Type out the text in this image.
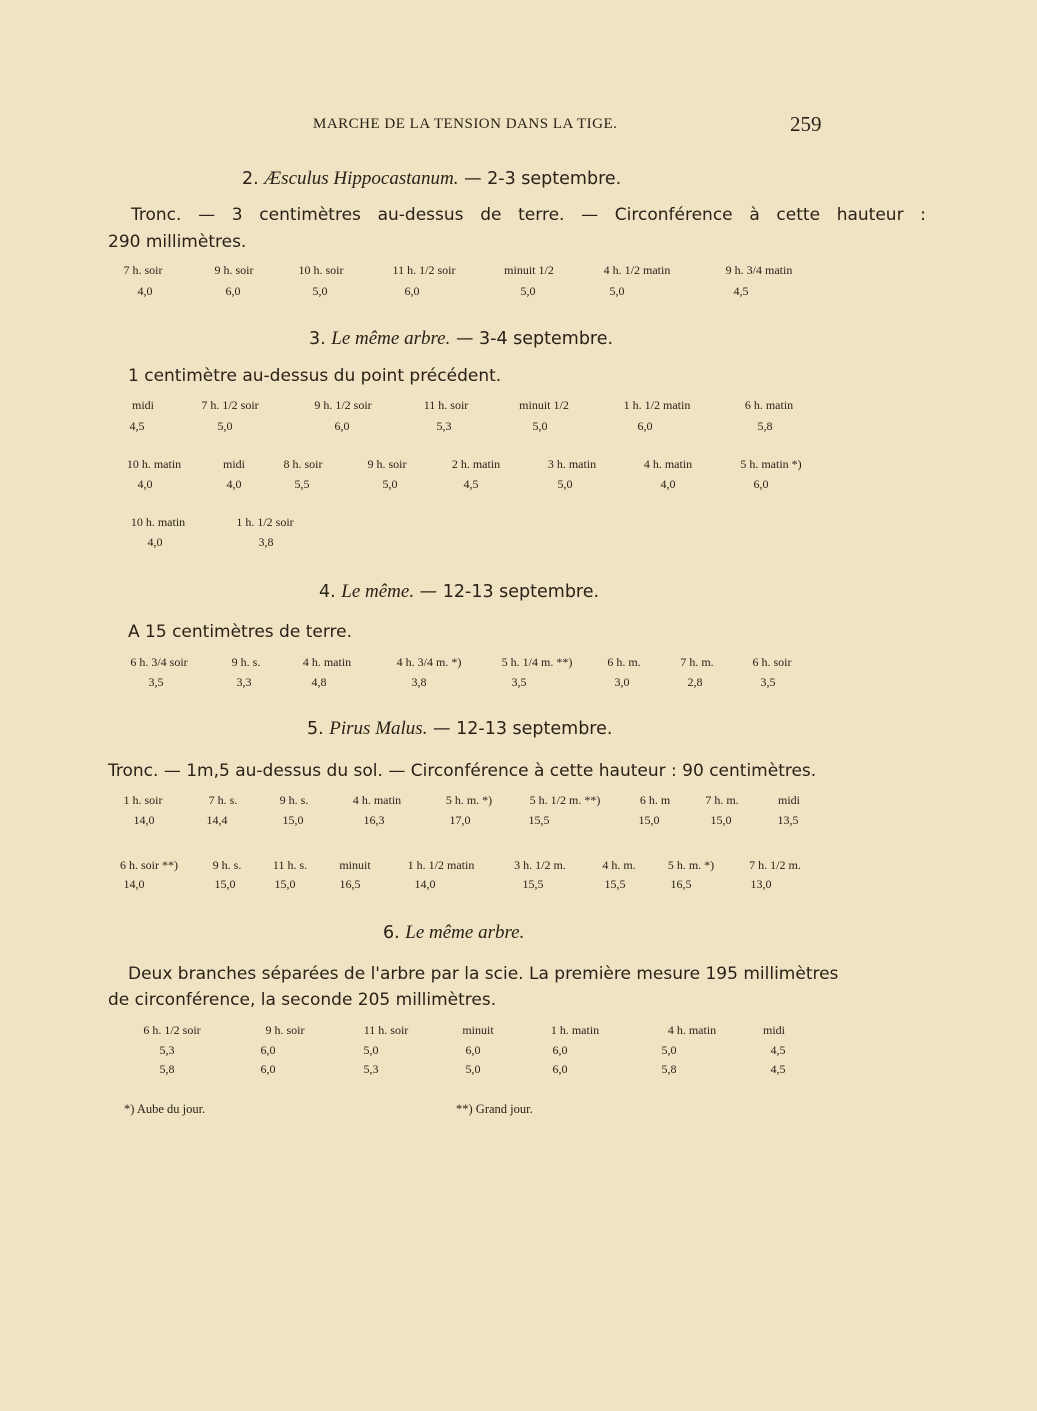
MARCHE DE LA TENSION DANS LA TIGE.	259
2. Æsculus Hippocastanum. — 2-3 septembre.
Tronc. — 3 centimètres au-dessus de terre. — Circonférence à cette hauteur :
290 millimètres.
7 h. soir	9 h. soir	10 h. soir	11 h. 1/2 soir	minuit 1/2	4 h. 1/2 matin	9 h. 3/4 matin
4,0	6,0	5,0	6,0	5,0	5,0	4,5
3. Le même arbre. — 3-4 septembre.
1 centimètre au-dessus du point précédent.
midi	7 h. 1/2 soir	9 h. 1/2 soir	11 h. soir	minuit 1/2	1 h. 1/2 matin	6 h. matin
4,5	5,0	6,0	5,3	5,0	6,0	5,8
10 h. matin	midi	8 h. soir	9 h. soir	2 h. matin	3 h. matin	4 h. matin	5 h. matin *)
4,0	4,0	5,5	5,0	4,5	5,0	4,0	6,0
10 h. matin	1 h. 1/2 soir
4,0	3,8
4. Le même. — 12-13 septembre.
A 15 centimètres de terre.
6 h. 3/4 soir	9 h. s.	4 h. matin	4 h. 3/4 m. *)	5 h. 1/4 m. **)	6 h. m.	7 h. m.	6 h. soir
3,5	3,3	4,8	3,8	3,5	3,0	2,8	3,5
5. Pirus Malus. — 12-13 septembre.
Tronc. — 1m,5 au-dessus du sol. — Circonférence à cette hauteur : 90 centimètres.
1 h. soir	7 h. s.	9 h. s.	4 h. matin	5 h. m. *)	5 h. 1/2 m. **)	6 h. m	7 h. m.	midi
14,0	14,4	15,0	16,3	17,0	15,5	15,0	15,0	13,5
6 h. soir **)	9 h. s.	11 h. s.	minuit	1 h. 1/2 matin	3 h. 1/2 m.	4 h. m.	5 h. m. *)	7 h. 1/2 m.
14,0	15,0	15,0	16,5	14,0	15,5	15,5	16,5	13,0
6. Le même arbre.
Deux branches séparées de l'arbre par la scie. La première mesure 195 millimètres
de circonférence, la seconde 205 millimètres.
6 h. 1/2 soir	9 h. soir	11 h. soir	minuit	1 h. matin	4 h. matin	midi
5,3	6,0	5,0	6,0	6,0	5,0	4,5
5,8	6,0	5,3	5,0	6,0	5,8	4,5
*) Aube du jour.	**) Grand jour.
